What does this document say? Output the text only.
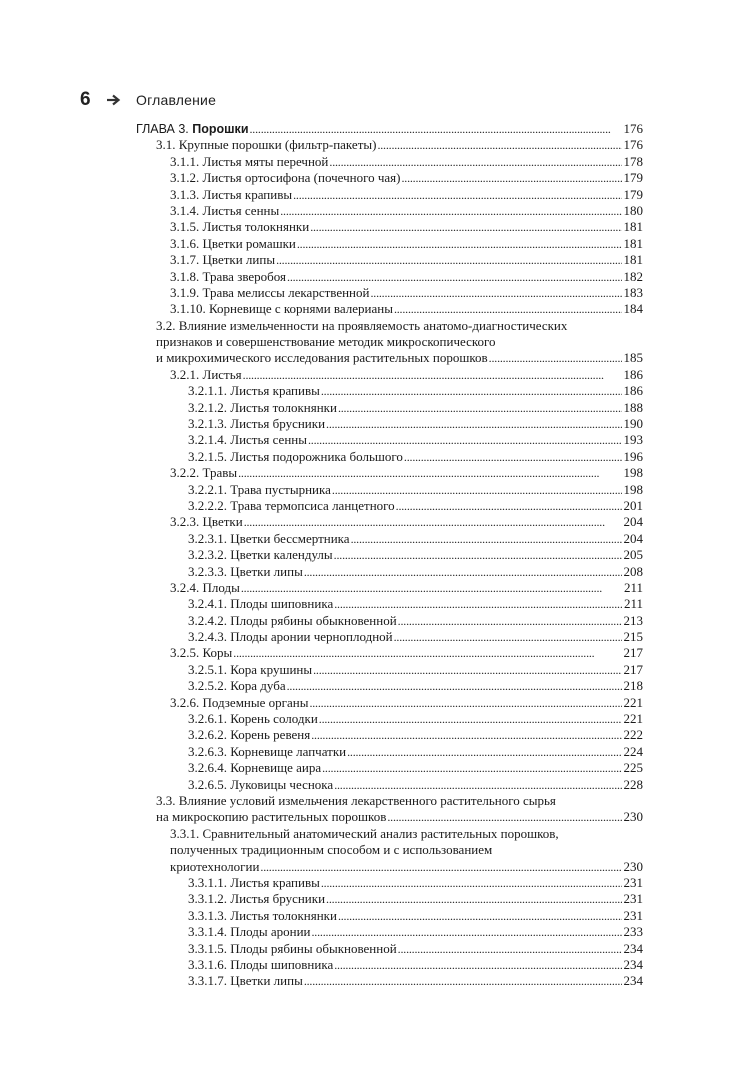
6	Оглавление
ГЛАВА 3. Порошки . . .	176
3.1. Крупные порошки (фильтр-пакеты) . . .	176
3.1.1. Листья мяты перечной . . .	178
3.1.2. Листья ортосифона (почечного чая) . . .	179
3.1.3. Листья крапивы . . .	179
3.1.4. Листья сенны . . .	180
3.1.5. Листья толокнянки . . .	181
3.1.6. Цветки ромашки . . .	181
3.1.7. Цветки липы . . .	181
3.1.8. Трава зверобоя . . .	182
3.1.9. Трава мелиссы лекарственной . . .	183
3.1.10. Корневище с корнями валерианы . . .	184
3.2. Влияние измельченности на проявляемость анатомо-диагностических
признаков и совершенствование методик микроскопического
и микрохимического исследования растительных порошков . . .	185
3.2.1. Листья . . .	186
3.2.1.1. Листья крапивы . . .	186
3.2.1.2. Листья толокнянки . . .	188
3.2.1.3. Листья брусники . . .	190
3.2.1.4. Листья сенны . . .	193
3.2.1.5. Листья подорожника большого . . .	196
3.2.2. Травы . . .	198
3.2.2.1. Трава пустырника . . .	198
3.2.2.2. Трава термопсиса ланцетного . . .	201
3.2.3. Цветки . . .	204
3.2.3.1. Цветки бессмертника . . .	204
3.2.3.2. Цветки календулы . . .	205
3.2.3.3. Цветки липы . . .	208
3.2.4. Плоды . . .	211
3.2.4.1. Плоды шиповника . . .	211
3.2.4.2. Плоды рябины обыкновенной . . .	213
3.2.4.3. Плоды аронии черноплодной . . .	215
3.2.5. Коры . . .	217
3.2.5.1. Кора крушины . . .	217
3.2.5.2. Кора дуба . . .	218
3.2.6. Подземные органы . . .	221
3.2.6.1. Корень солодки . . .	221
3.2.6.2. Корень ревеня . . .	222
3.2.6.3. Корневище лапчатки . . .	224
3.2.6.4. Корневище аира . . .	225
3.2.6.5. Луковицы чеснока . . .	228
3.3. Влияние условий измельчения лекарственного растительного сырья
на микроскопию растительных порошков . . .	230
3.3.1. Сравнительный анатомический анализ растительных порошков,
полученных традиционным способом и с использованием
криотехнологии . . .	230
3.3.1.1. Листья крапивы . . .	231
3.3.1.2. Листья брусники . . .	231
3.3.1.3. Листья толокнянки . . .	231
3.3.1.4. Плоды аронии . . .	233
3.3.1.5. Плоды рябины обыкновенной . . .	234
3.3.1.6. Плоды шиповника . . .	234
3.3.1.7. Цветки липы . . .	234
